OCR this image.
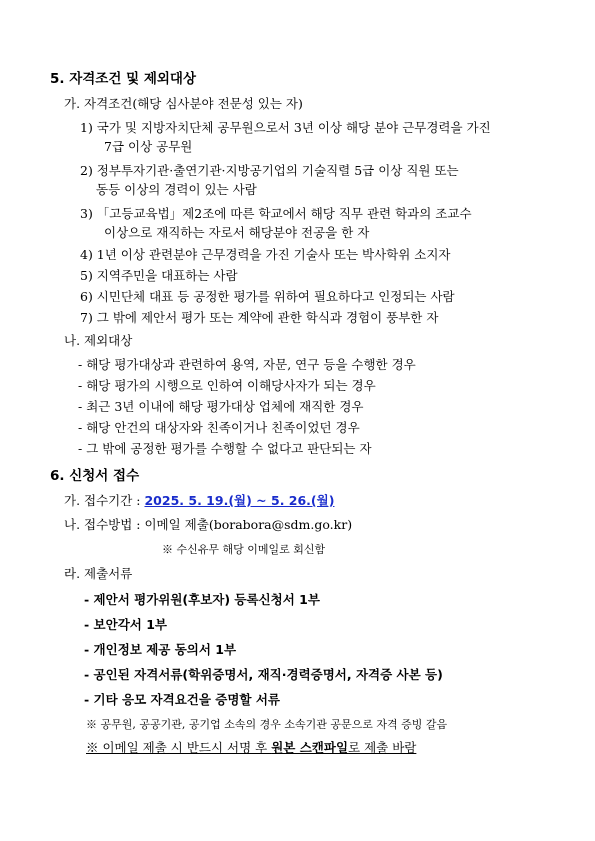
5. 자격조건 및 제외대상
가. 자격조건(해당 심사분야 전문성 있는 자)
1) 국가 및 지방자치단체 공무원으로서 3년 이상 해당 분야 근무경력을 가진
7급 이상 공무원
2) 정부투자기관·출연기관·지방공기업의 기술직렬 5급 이상 직원 또는
동등 이상의 경력이 있는 사람
3) 「고등교육법」제2조에 따른 학교에서 해당 직무 관련 학과의 조교수
이상으로 재직하는 자로서 해당분야 전공을 한 자
4) 1년 이상 관련분야 근무경력을 가진 기술사 또는 박사학위 소지자
5) 지역주민을 대표하는 사람
6) 시민단체 대표 등 공정한 평가를 위하여 필요하다고 인정되는 사람
7) 그 밖에 제안서 평가 또는 계약에 관한 학식과 경험이 풍부한 자
나. 제외대상
- 해당 평가대상과 관련하여 용역, 자문, 연구 등을 수행한 경우
- 해당 평가의 시행으로 인하여 이해당사자가 되는 경우
- 최근 3년 이내에 해당 평가대상 업체에 재직한 경우
- 해당 안건의 대상자와 친족이거나 친족이었던 경우
- 그 밖에 공정한 평가를 수행할 수 없다고 판단되는 자
6. 신청서 접수
가. 접수기간 : 2025. 5. 19.(월) ~ 5. 26.(월)
나. 접수방법 : 이메일 제출(borabora@sdm.go.kr)
※ 수신유무 해당 이메일로 회신함
라. 제출서류
- 제안서 평가위원(후보자) 등록신청서 1부
- 보안각서 1부
- 개인정보 제공 동의서 1부
- 공인된 자격서류(학위증명서, 재직·경력증명서, 자격증 사본 등)
- 기타 응모 자격요건을 증명할 서류
※ 공무원, 공공기관, 공기업 소속의 경우 소속기관 공문으로 자격 증빙 갈음
※ 이메일 제출 시 반드시 서명 후 원본 스캔파일로 제출 바람
